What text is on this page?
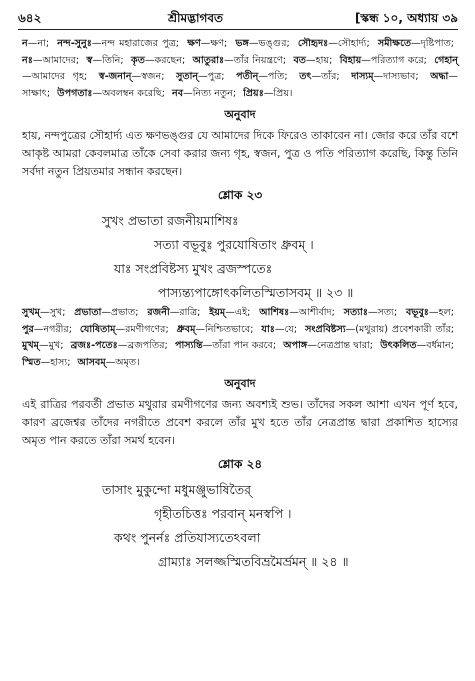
৬৪২	শ্রীমদ্ভাগবত	[স্কন্ধ ১০, অধ্যায় ৩৯
ন—না; নন্দ-সুনুঃ—নন্দ মহারাজের পুত্র; ক্ষণ—ক্ষণ; ভঙ্গ—ভঙ্গুর; সৌহৃদঃ—সৌহার্দ্য; সমীক্ষতে—দৃষ্টিপাত; নঃ—আমাদের; স্ব—তিনি; কৃত—করছেন; আতুরাঃ—তাঁর নিয়ন্ত্রণে; বত—হায়; বিহায়—পরিত্যাগ করে; গেহান্—আমাদের গৃহ; স্ব-জনান্—স্বজন; সুতান্—পুত্র; পতীন্—পতি; তৎ—তাঁর; দাস্যম্—দাস্যভাব; অদ্ধা—সাক্ষাৎ; উপগতাঃ—অবলম্বন করেছি; নব—নিত্য নতুন; প্রিয়ঃ—প্রিয়।
অনুবাদ
হায়, নন্দপুত্রের সৌহার্দ্য এত ক্ষণভঙ্গুর যে আমাদের দিকে ফিরেও তাকাবেন না। জোর করে তাঁর বশে আকৃষ্ট আমরা কেবলমাত্র তাঁকে সেবা করার জন্য গৃহ, স্বজন, পুত্র ও পতি পরিত্যাগ করেছি, কিন্তু তিনি সর্বদা নতুন প্রিয়তমার সন্ধান করছেন।
শ্লোক ২৩
সুখং প্রভাতা রজনীয়মাশিষঃ
সত্যা বভূবুঃ পুরযোষিতাং ধ্রুবম্ ।
যাঃ সংপ্রবিষ্টস্য মুখং ব্রজস্পতেঃ
পাস্যন্ত্যপাঙ্গোৎকলিতস্মিতাসবম্ ॥ ২৩ ॥
সুখম্—সুখ; প্রভাতা—প্রভাত; রজনী—রাত্রি; ইয়ম্—এই; আশিষঃ—আশীর্বাদ; সত্যাঃ—সত্য; বভূবুঃ—হল; পুর—নগরীর; যোষিতাম্—রমণীগণের; ধ্রুবম্—নিশ্চিতভাবে; যাঃ—যে; সংপ্রবিষ্টস্য—(মথুরায়) প্রবেশকারী তাঁর; মুখম্—মুখ; ব্রজঃ-পতেঃ—ব্রজপতির; পাস্যন্তি—তাঁরা পান করবে; অপাঙ্গ—নেত্রপ্রান্ত দ্বারা; উৎকলিত—বর্ধমান; স্মিত—হাস্য; আসবম্—অমৃত।
অনুবাদ
এই রাত্রির পরবর্তী প্রভাত মথুরার রমণীগণের জন্য অবশ্যই শুভ। তাঁদের সকল আশা এখন পূর্ণ হবে, কারণ ব্রজেশ্বর তাঁদের নগরীতে প্রবেশ করলে তাঁর মুখ হতে তাঁর নেত্রপ্রান্ত দ্বারা প্রকাশিত হাস্যের অমৃত পান করতে তাঁরা সমর্থ হবেন।
শ্লোক ২৪
তাসাং মুকুন্দো মধুমঞ্জুভাষিতৈর্
গৃহীতচিত্তঃ পরবান্ মনস্বপি ।
কথং পুনর্নঃ প্রতিযাস্যতেঽবলা
গ্রাম্যাঃ সলজ্জস্মিতবিভ্রমৈর্ভ্রমন্ ॥ ২৪ ॥
